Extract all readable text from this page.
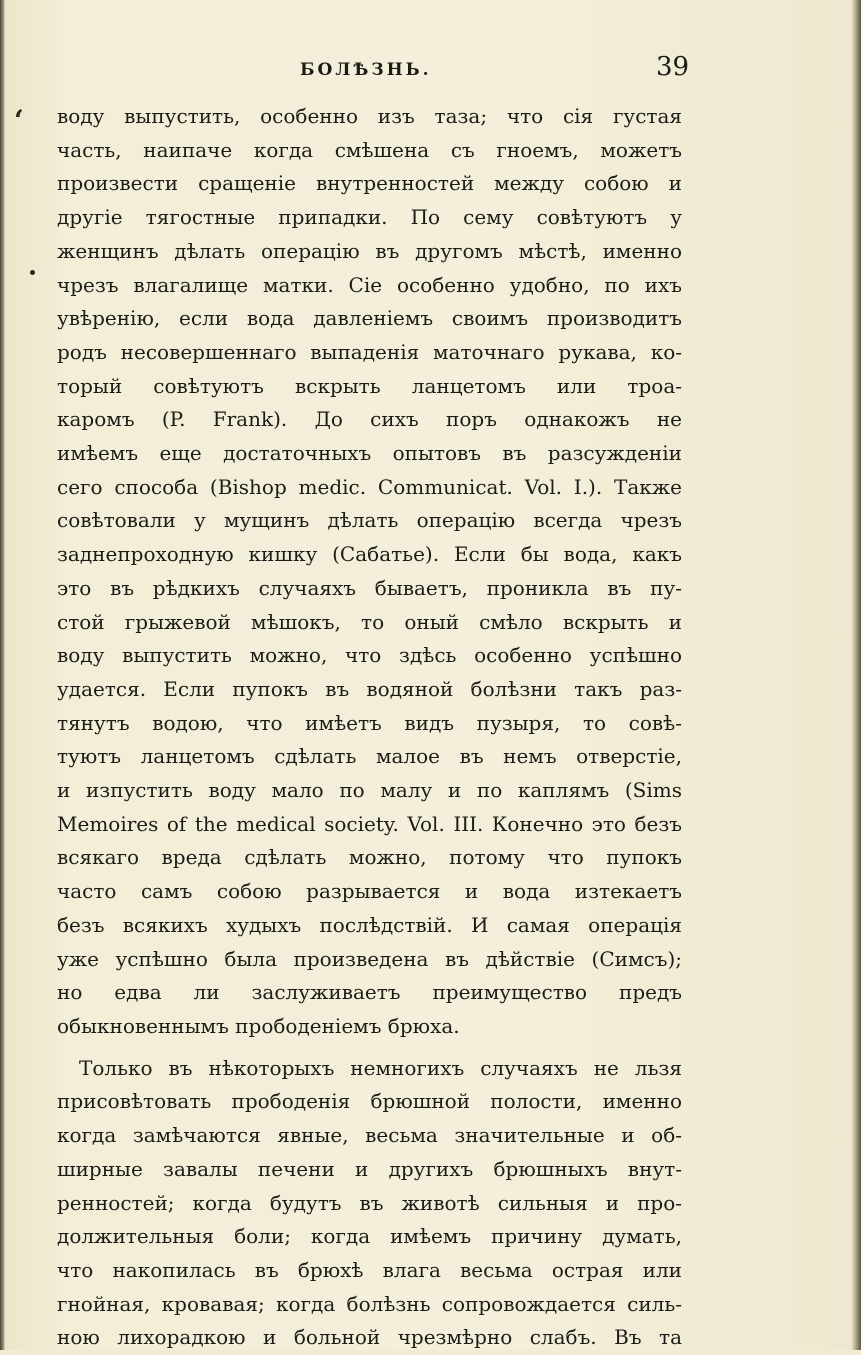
БОЛѢЗНЬ.	39
ʻ воду выпустить, особенно изъ таза; что сія густая
часть, наипаче когда смѣшена съ гноемъ, можетъ
произвести сращеніе внутренностей между собою и
другіе тягостные припадки. По сему совѣтуютъ у
женщинъ дѣлать операцію въ другомъ мѣстѣ, именно
чрезъ влагалище матки. Сіе особенно удобно, по ихъ
увѣренію, если вода давленіемъ своимъ производитъ
родъ несовершеннаго выпаденія маточнаго рукава, ко-
торый совѣтуютъ вскрыть ланцетомъ или троа-
каромъ (P. Frank). До сихъ поръ однакожъ не
имѣемъ еще достаточныхъ опытовъ въ разсужденіи
сего способа (Bishop medic. Communicat. Vol. I.). Также
совѣтовали у мущинъ дѣлать операцію всегда чрезъ
заднепроходную кишку (Сабатье). Если бы вода, какъ
это въ рѣдкихъ случаяхъ бываетъ, проникла въ пу-
стой грыжевой мѣшокъ, то оный смѣло вскрыть и
воду выпустить можно, что здѣсь особенно успѣшно
удается. Если пупокъ въ водяной болѣзни такъ раз-
тянутъ водою, что имѣетъ видъ пузыря, то совѣ-
туютъ ланцетомъ сдѣлать малое въ немъ отверстіе,
и изпустить воду мало по малу и по каплямъ (Sims
Memoires of the medical society. Vol. III. Конечно это безъ
всякаго вреда сдѣлать можно, потому что пупокъ
часто самъ собою разрывается и вода изтекаетъ
безъ всякихъ худыхъ послѣдствій. И самая операція
уже успѣшно была произведена въ дѣйствіе (Симсъ);
но едва ли заслуживаетъ преимущество предъ
обыкновеннымъ прободеніемъ брюха.
Только въ нѣкоторыхъ немногихъ случаяхъ не льзя
присовѣтовать прободенія брюшной полости, именно
когда замѣчаются явные, весьма значительные и об-
ширные завалы печени и другихъ брюшныхъ внут-
ренностей; когда будутъ въ животѣ сильныя и про-
должительныя боли; когда имѣемъ причину думать,
что накопилась въ брюхѣ влага весьма острая или
гнойная, кровавая; когда болѣзнь сопровождается силь-
ною лихорадкою и больной чрезмѣрно слабъ. Въ та
